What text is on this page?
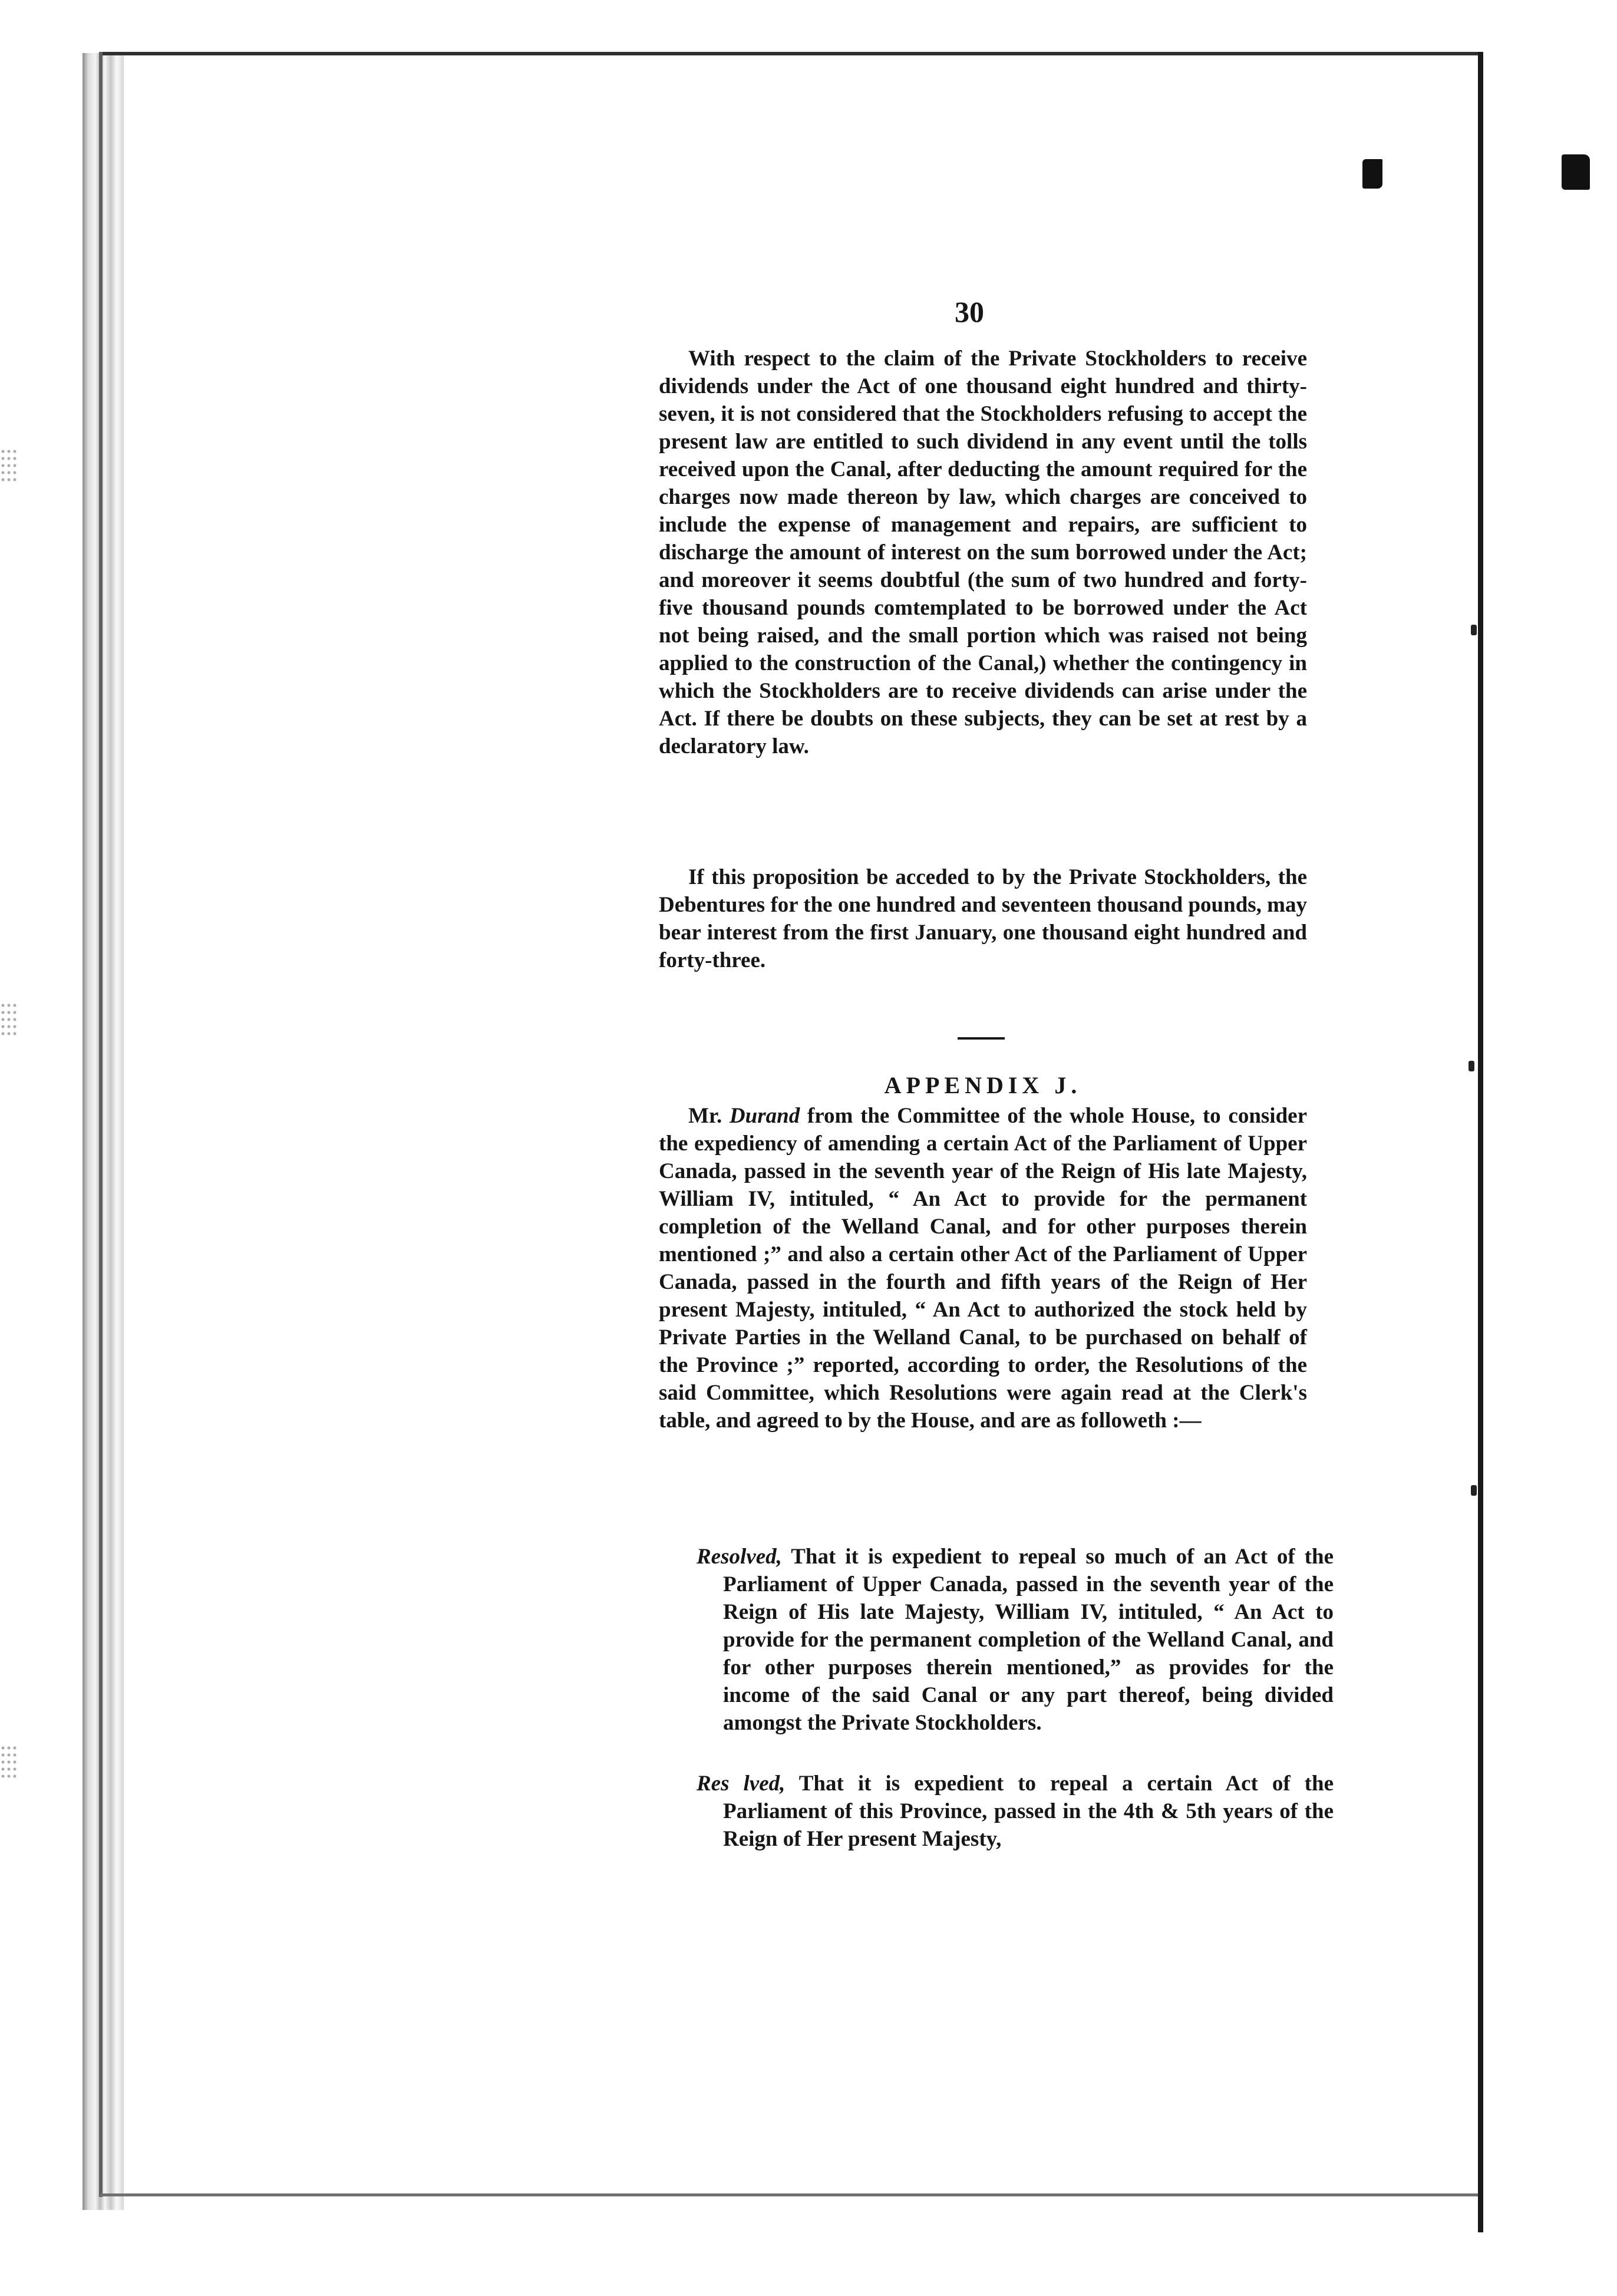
30
With respect to the claim of the Private Stockholders to receive dividends under the Act of one thousand eight hundred and thirty-seven, it is not considered that the Stockholders refusing to accept the present law are entitled to such dividend in any event until the tolls received upon the Canal, after deducting the amount required for the charges now made thereon by law, which charges are conceived to include the expense of management and repairs, are sufficient to discharge the amount of interest on the sum borrowed under the Act; and moreover it seems doubtful (the sum of two hundred and forty-five thousand pounds comtemplated to be borrowed under the Act not being raised, and the small portion which was raised not being applied to the construction of the Canal,) whether the contingency in which the Stockholders are to receive dividends can arise under the Act. If there be doubts on these subjects, they can be set at rest by a declaratory law.
If this proposition be acceded to by the Private Stockholders, the Debentures for the one hundred and seventeen thousand pounds, may bear interest from the first January, one thousand eight hundred and forty-three.
APPENDIX J.
Mr. Durand from the Committee of the whole House, to consider the expediency of amending a certain Act of the Parliament of Upper Canada, passed in the seventh year of the Reign of His late Majesty, William IV, intituled, “ An Act to provide for the permanent completion of the Welland Canal, and for other purposes therein mentioned ;” and also a certain other Act of the Parliament of Upper Canada, passed in the fourth and fifth years of the Reign of Her present Majesty, intituled, “ An Act to authorized the stock held by Private Parties in the Welland Canal, to be purchased on behalf of the Province ;” reported, according to order, the Resolutions of the said Committee, which Resolutions were again read at the Clerk's table, and agreed to by the House, and are as followeth :—

Resolved, That it is expedient to repeal so much of an Act of the Parliament of Upper Canada, passed in the seventh year of the Reign of His late Majesty, William IV, intituled, “ An Act to provide for the permanent completion of the Welland Canal, and for other purposes therein mentioned,” as provides for the income of the said Canal or any part thereof, being divided amongst the Private Stockholders.

Res lved, That it is expedient to repeal a certain Act of the Parliament of this Province, passed in the 4th & 5th years of the Reign of Her present Majesty,
